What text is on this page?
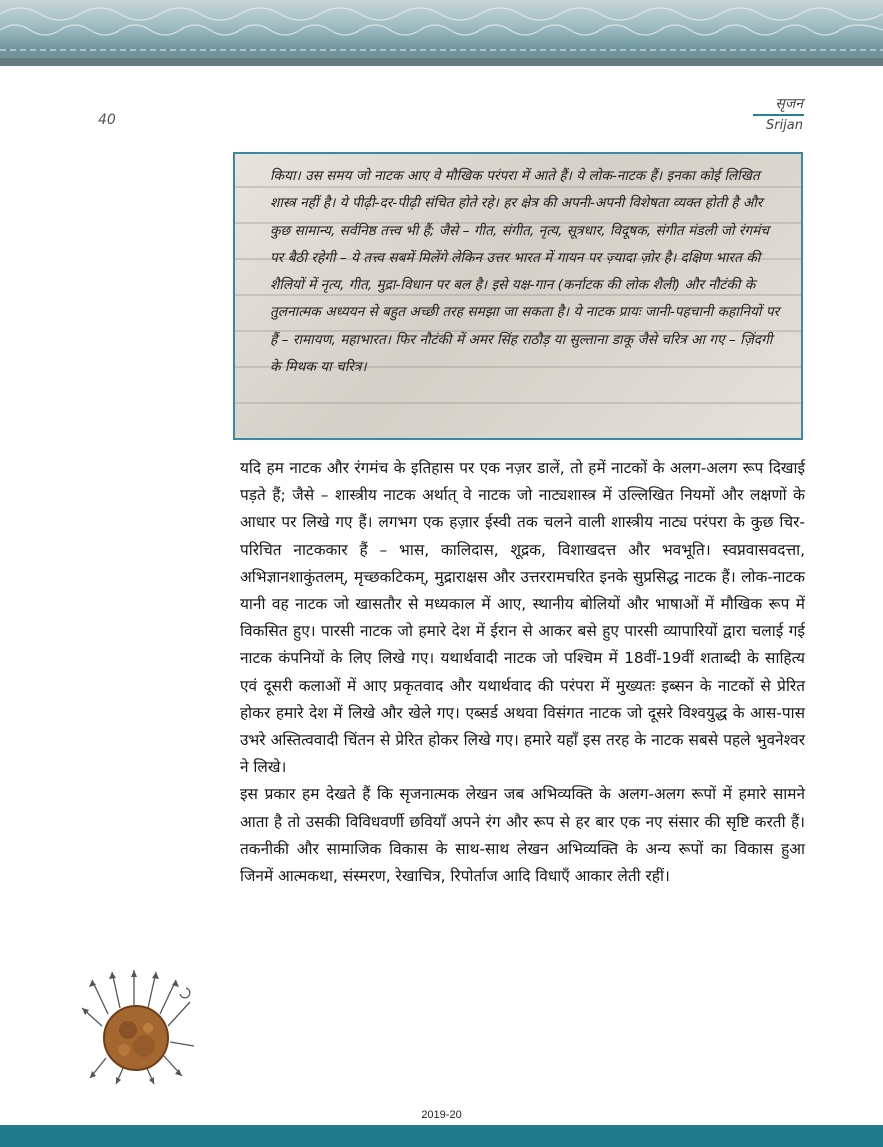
40
सृजन
Srijan

किया। उस समय जो नाटक आए वे मौखिक परंपरा में आते हैं। ये लोक-नाटक हैं। इनका कोई लिखित शास्त्र नहीं है। ये पीढ़ी-दर-पीढ़ी संचित होते रहे। हर क्षेत्र की अपनी-अपनी विशेषता व्यक्त होती है और कुछ सामान्य, सर्वनिष्ठ तत्त्व भी हैं; जैसे – गीत, संगीत, नृत्य, सूत्रधार, विदूषक, संगीत मंडली जो रंगमंच पर बैठी रहेगी – ये तत्त्व सबमें मिलेंगे लेकिन उत्तर भारत में गायन पर ज़्यादा ज़ोर है। दक्षिण भारत की शैलियों में नृत्य, गीत, मुद्रा-विधान पर बल है। इसे यक्ष-गान (कर्नाटक की लोक शैली) और नौटंकी के तुलनात्मक अध्ययन से बहुत अच्छी तरह समझा जा सकता है। ये नाटक प्रायः जानी-पहचानी कहानियों पर हैं – रामायण, महाभारत। फिर नौटंकी में अमर सिंह राठौड़ या सुल्ताना डाकू जैसे चरित्र आ गए – ज़िंदगी के मिथक या चरित्र।

यदि हम नाटक और रंगमंच के इतिहास पर एक नज़र डालें, तो हमें नाटकों के अलग-अलग रूप दिखाई पड़ते हैं; जैसे – शास्त्रीय नाटक अर्थात् वे नाटक जो नाट्यशास्त्र में उल्लिखित नियमों और लक्षणों के आधार पर लिखे गए हैं। लगभग एक हज़ार ईस्वी तक चलने वाली शास्त्रीय नाट्य परंपरा के कुछ चिर-परिचित नाटककार हैं – भास, कालिदास, शूद्रक, विशाखदत्त और भवभूति। स्वप्नवासवदत्ता, अभिज्ञानशाकुंतलम्, मृच्छकटिकम्, मुद्राराक्षस और उत्तररामचरित इनके सुप्रसिद्ध नाटक हैं। लोक-नाटक यानी वह नाटक जो खासतौर से मध्यकाल में आए, स्थानीय बोलियों और भाषाओं में मौखिक रूप में विकसित हुए। पारसी नाटक जो हमारे देश में ईरान से आकर बसे हुए पारसी व्यापारियों द्वारा चलाई गई नाटक कंपनियों के लिए लिखे गए। यथार्थवादी नाटक जो पश्चिम में 18वीं-19वीं शताब्दी के साहित्य एवं दूसरी कलाओं में आए प्रकृतवाद और यथार्थवाद की परंपरा में मुख्यतः इब्सन के नाटकों से प्रेरित होकर हमारे देश में लिखे और खेले गए। एब्सर्ड अथवा विसंगत नाटक जो दूसरे विश्वयुद्ध के आस-पास उभरे अस्तित्ववादी चिंतन से प्रेरित होकर लिखे गए। हमारे यहाँ इस तरह के नाटक सबसे पहले भुवनेश्वर ने लिखे।

इस प्रकार हम देखते हैं कि सृजनात्मक लेखन जब अभिव्यक्ति के अलग-अलग रूपों में हमारे सामने आता है तो उसकी विविधवर्णी छवियाँ अपने रंग और रूप से हर बार एक नए संसार की सृष्टि करती हैं। तकनीकी और सामाजिक विकास के साथ-साथ लेखन अभिव्यक्ति के अन्य रूपों का विकास हुआ जिनमें आत्मकथा, संस्मरण, रेखाचित्र, रिपोर्ताज आदि विधाएँ आकार लेती रहीं।

2019-20
